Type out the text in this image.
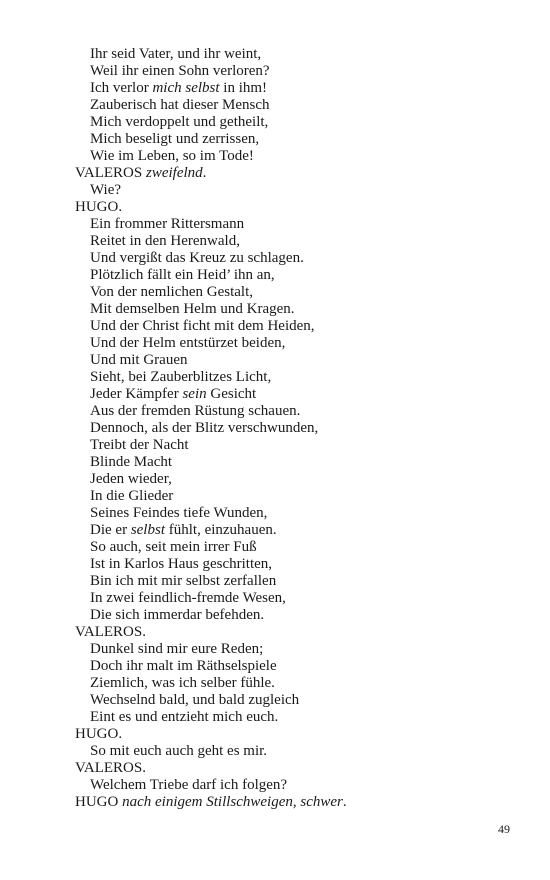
Ihr seid Vater, und ihr weint,
Weil ihr einen Sohn verloren?
Ich verlor mich selbst in ihm!
Zauberisch hat dieser Mensch
Mich verdoppelt und getheilt,
Mich beseligt und zerrissen,
Wie im Leben, so im Tode!
VALEROS zweifelnd.
Wie?
HUGO.
Ein frommer Rittersmann
Reitet in den Herenwald,
Und vergißt das Kreuz zu schlagen.
Plötzlich fällt ein Heid’ ihn an,
Von der nemlichen Gestalt,
Mit demselben Helm und Kragen.
Und der Christ ficht mit dem Heiden,
Und der Helm entstürzet beiden,
Und mit Grauen
Sieht, bei Zauberblitzes Licht,
Jeder Kämpfer sein Gesicht
Aus der fremden Rüstung schauen.
Dennoch, als der Blitz verschwunden,
Treibt der Nacht
Blinde Macht
Jeden wieder,
In die Glieder
Seines Feindes tiefe Wunden,
Die er selbst fühlt, einzuhauen.
So auch, seit mein irrer Fuß
Ist in Karlos Haus geschritten,
Bin ich mit mir selbst zerfallen
In zwei feindlich-fremde Wesen,
Die sich immerdar befehden.
VALEROS.
Dunkel sind mir eure Reden;
Doch ihr malt im Räthselspiele
Ziemlich, was ich selber fühle.
Wechselnd bald, und bald zugleich
Eint es und entzieht mich euch.
HUGO.
So mit euch auch geht es mir.
VALEROS.
Welchem Triebe darf ich folgen?
HUGO nach einigem Stillschweigen, schwer.
49
